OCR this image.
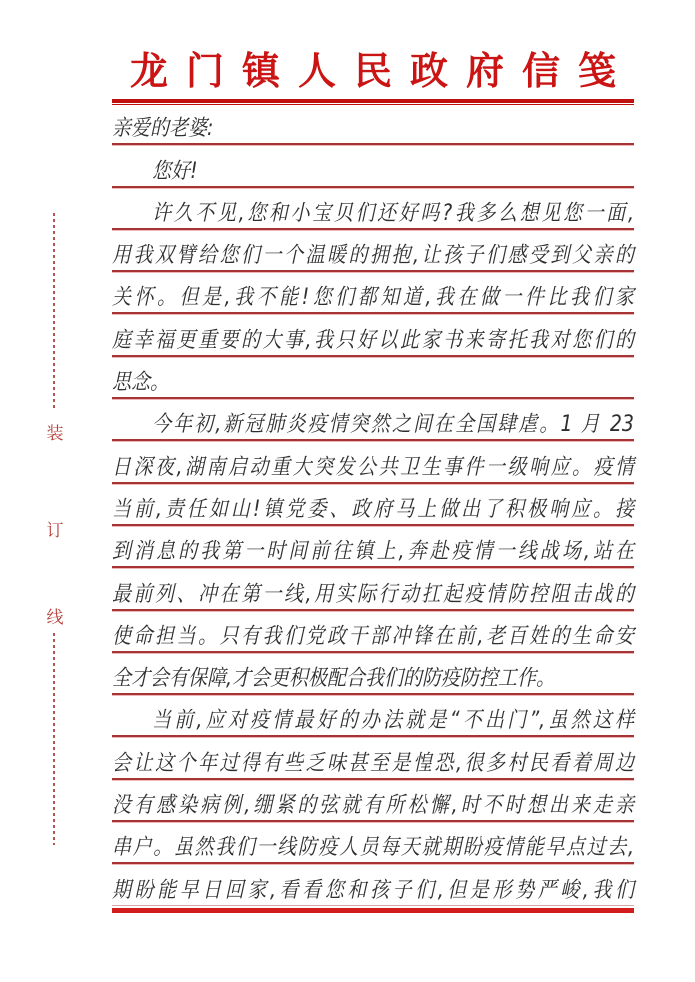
装
订
线
龙门镇人民政府信笺
亲爱的老婆:
您好!
许久不见,您和小宝贝们还好吗?我多么想见您一面,
用我双臂给您们一个温暖的拥抱,让孩子们感受到父亲的
关怀。但是,我不能!您们都知道,我在做一件比我们家
庭幸福更重要的大事,我只好以此家书来寄托我对您们的
思念。
今年初,新冠肺炎疫情突然之间在全国肆虐。1 月 23
日深夜,湖南启动重大突发公共卫生事件一级响应。疫情
当前,责任如山!镇党委、政府马上做出了积极响应。接
到消息的我第一时间前往镇上,奔赴疫情一线战场,站在
最前列、冲在第一线,用实际行动扛起疫情防控阻击战的
使命担当。只有我们党政干部冲锋在前,老百姓的生命安
全才会有保障,才会更积极配合我们的防疫防控工作。
当前,应对疫情最好的办法就是“不出门”,虽然这样
会让这个年过得有些乏味甚至是惶恐,很多村民看着周边
没有感染病例,绷紧的弦就有所松懈,时不时想出来走亲
串户。虽然我们一线防疫人员每天就期盼疫情能早点过去,
期盼能早日回家,看看您和孩子们,但是形势严峻,我们
